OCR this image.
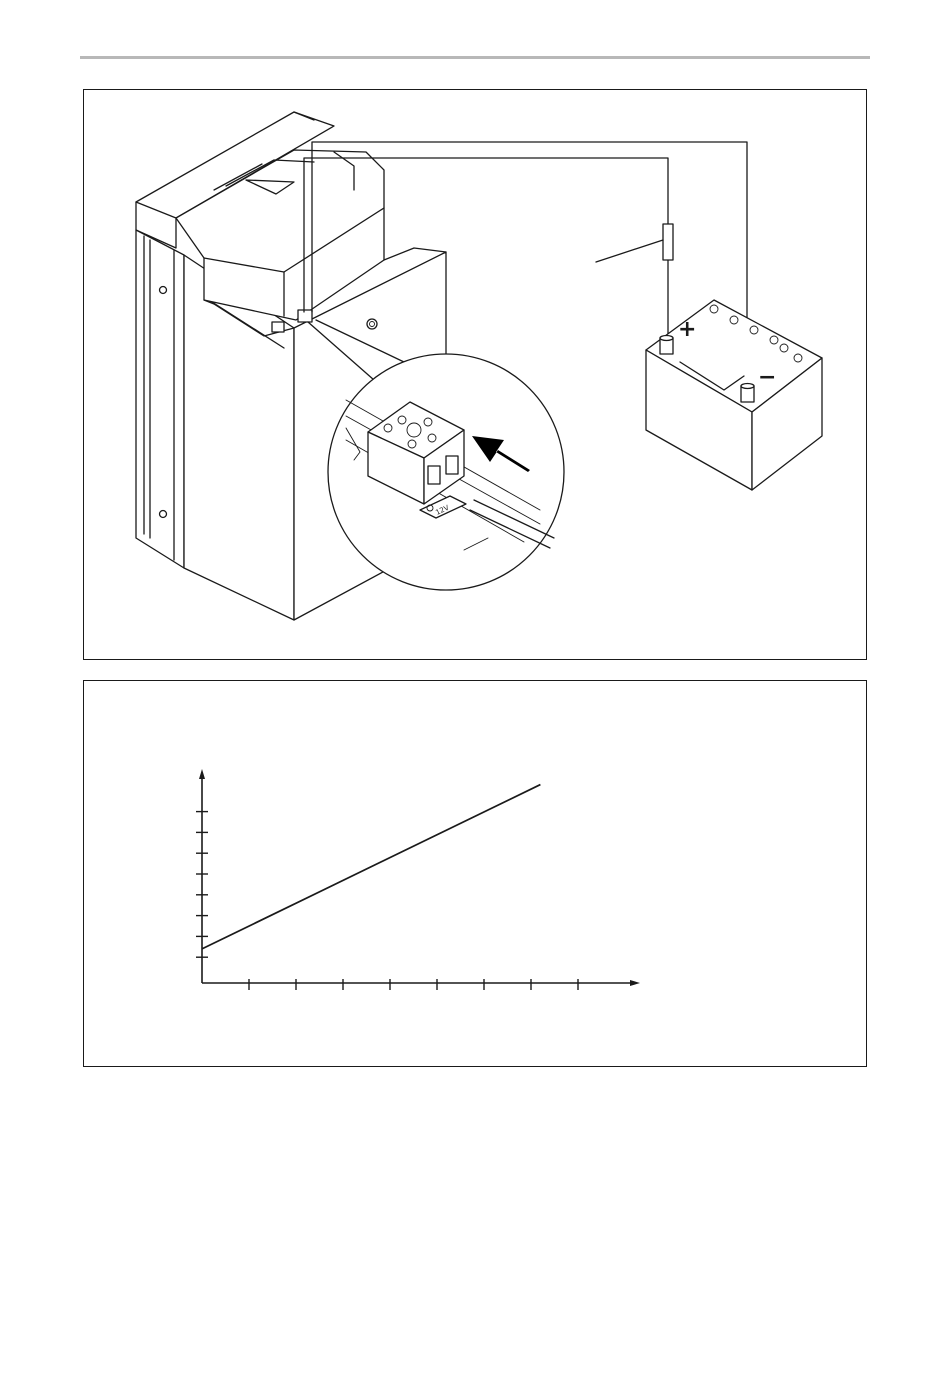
+
−
12V
